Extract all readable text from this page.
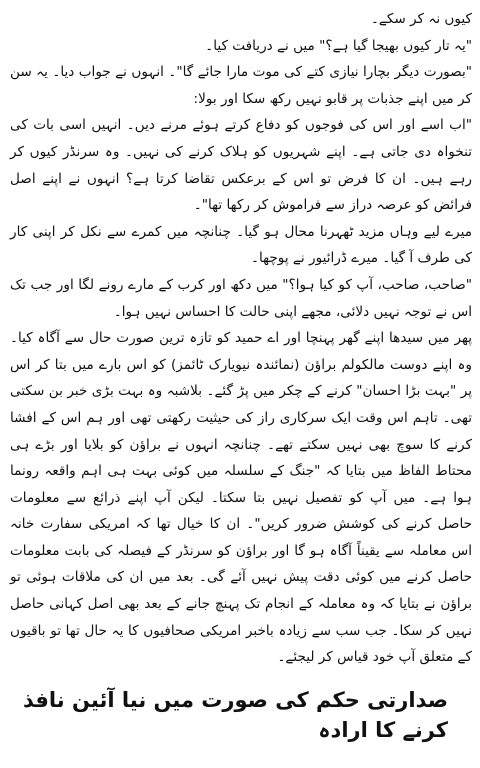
کیوں نہ کر سکے۔

"یہ تار کیوں بھیجا گیا ہے؟" میں نے دریافت کیا۔

"بصورت دیگر بچارا نیازی کتے کی موت مارا جائے گا"۔ انہوں نے جواب دیا۔ یہ سن کر میں اپنے جذبات پر قابو نہیں رکھ سکا اور بولا:

"اب اسے اور اس کی فوجوں کو دفاع کرتے ہوئے مرنے دیں۔ انہیں اسی بات کی تنخواہ دی جاتی ہے۔ اپنے شہریوں کو ہلاک کرنے کی نہیں۔ وہ سرنڈر کیوں کر رہے ہیں۔ ان کا فرض تو اس کے برعکس تقاضا کرتا ہے؟ انہوں نے اپنے اصل فرائض کو عرصہ دراز سے فراموش کر رکھا تھا"۔

میرے لیے وہاں مزید ٹھہرنا محال ہو گیا۔ چنانچہ میں کمرے سے نکل کر اپنی کار کی طرف آ گیا۔ میرے ڈرائیور نے پوچھا۔

"صاحب، صاحب، آپ کو کیا ہوا؟" میں دکھ اور کرب کے مارے رونے لگا اور جب تک اس نے توجہ نہیں دلائی، مجھے اپنی حالت کا احساس نہیں ہوا۔

پھر میں سیدھا اپنے گھر پہنچا اور اے حمید کو تازہ ترین صورت حال سے آگاہ کیا۔ وہ اپنے دوست مالکولم براؤن (نمائندہ نیویارک ٹائمز) کو اس بارے میں بتا کر اس پر "بہت بڑا احسان" کرنے کے چکر میں پڑ گئے۔ بلاشبہ وہ بہت بڑی خبر بن سکتی تھی۔ تاہم اس وقت ایک سرکاری راز کی حیثیت رکھتی تھی اور ہم اس کے افشا کرنے کا سوچ بھی نہیں سکتے تھے۔ چنانچہ انہوں نے براؤن کو بلایا اور بڑے ہی محتاط الفاظ میں بتایا کہ "جنگ کے سلسلہ میں کوئی بہت ہی اہم واقعہ رونما ہوا ہے۔ میں آپ کو تفصیل نہیں بتا سکتا۔ لیکن آپ اپنے ذرائع سے معلومات حاصل کرنے کی کوشش ضرور کریں"۔ ان کا خیال تھا کہ امریکی سفارت خانہ اس معاملہ سے یقیناً آگاہ ہو گا اور براؤن کو سرنڈر کے فیصلہ کی بابت معلومات حاصل کرنے میں کوئی دقت پیش نہیں آئے گی۔ بعد میں ان کی ملاقات ہوئی تو براؤن نے بتایا کہ وہ معاملہ کے انجام تک پہنچ جانے کے بعد بھی اصل کہانی حاصل نہیں کر سکا۔ جب سب سے زیادہ باخبر امریکی صحافیوں کا یہ حال تھا تو باقیوں کے متعلق آپ خود قیاس کر لیجئے۔

صدارتی حکم کی صورت میں نیا آئین نافذ کرنے کا ارادہ
